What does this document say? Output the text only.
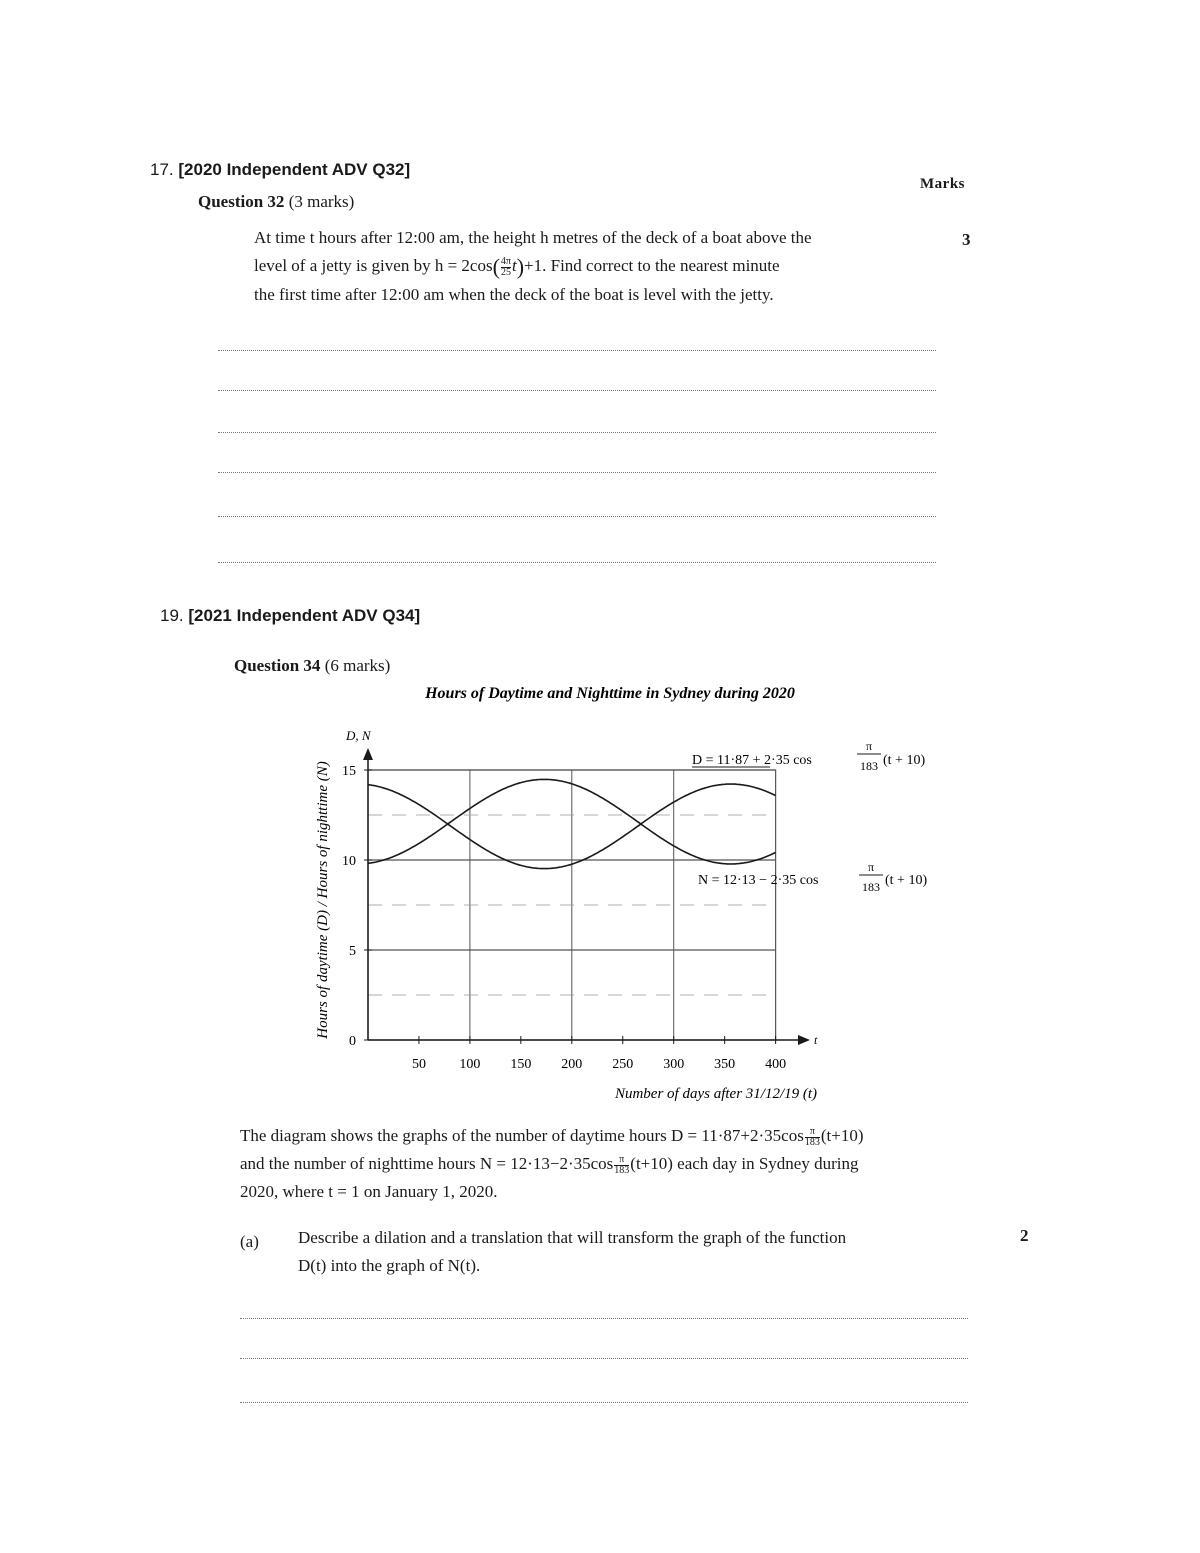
17. [2020 Independent ADV Q32]
Marks
Question 32 (3 marks)
At time t hours after 12:00 am, the height h metres of the deck of a boat above the
level of a jetty is given by $h = 2\cos( \frac{4\pi}{25} t)+1$. Find correct to the nearest minute
the first time after 12:00 am when the deck of the boat is level with the jetty.
3
19. [2021 Independent ADV Q34]
Question 34 (6 marks)
Hours of Daytime and Nighttime in Sydney during 2020
Hours of daytime (D) / Hours of nighttime (N)
D, N
Number of days after 31/12/19 (t)
t
50 100 150 200 250 300 350 400
0
5
10
15
D = 11·87 + 2·35 cos
π
183 (t + 10)
N = 12·13 − 2·35 cos
π
183 (t + 10)
The diagram shows the graphs of the number of daytime hours $D = 11\cdot 87+2\cdot 35\cos \frac{\pi}{183} (t+10)$
and the number of nighttime hours $N = 12\cdot 13-2\cdot 35\cos \frac{\pi}{183} (t+10)$ each day in Sydney during
2020, where t = 1 on January 1, 2020.
(a) Describe a dilation and a translation that will transform the graph of the function
D(t) into the graph of N(t).
2
